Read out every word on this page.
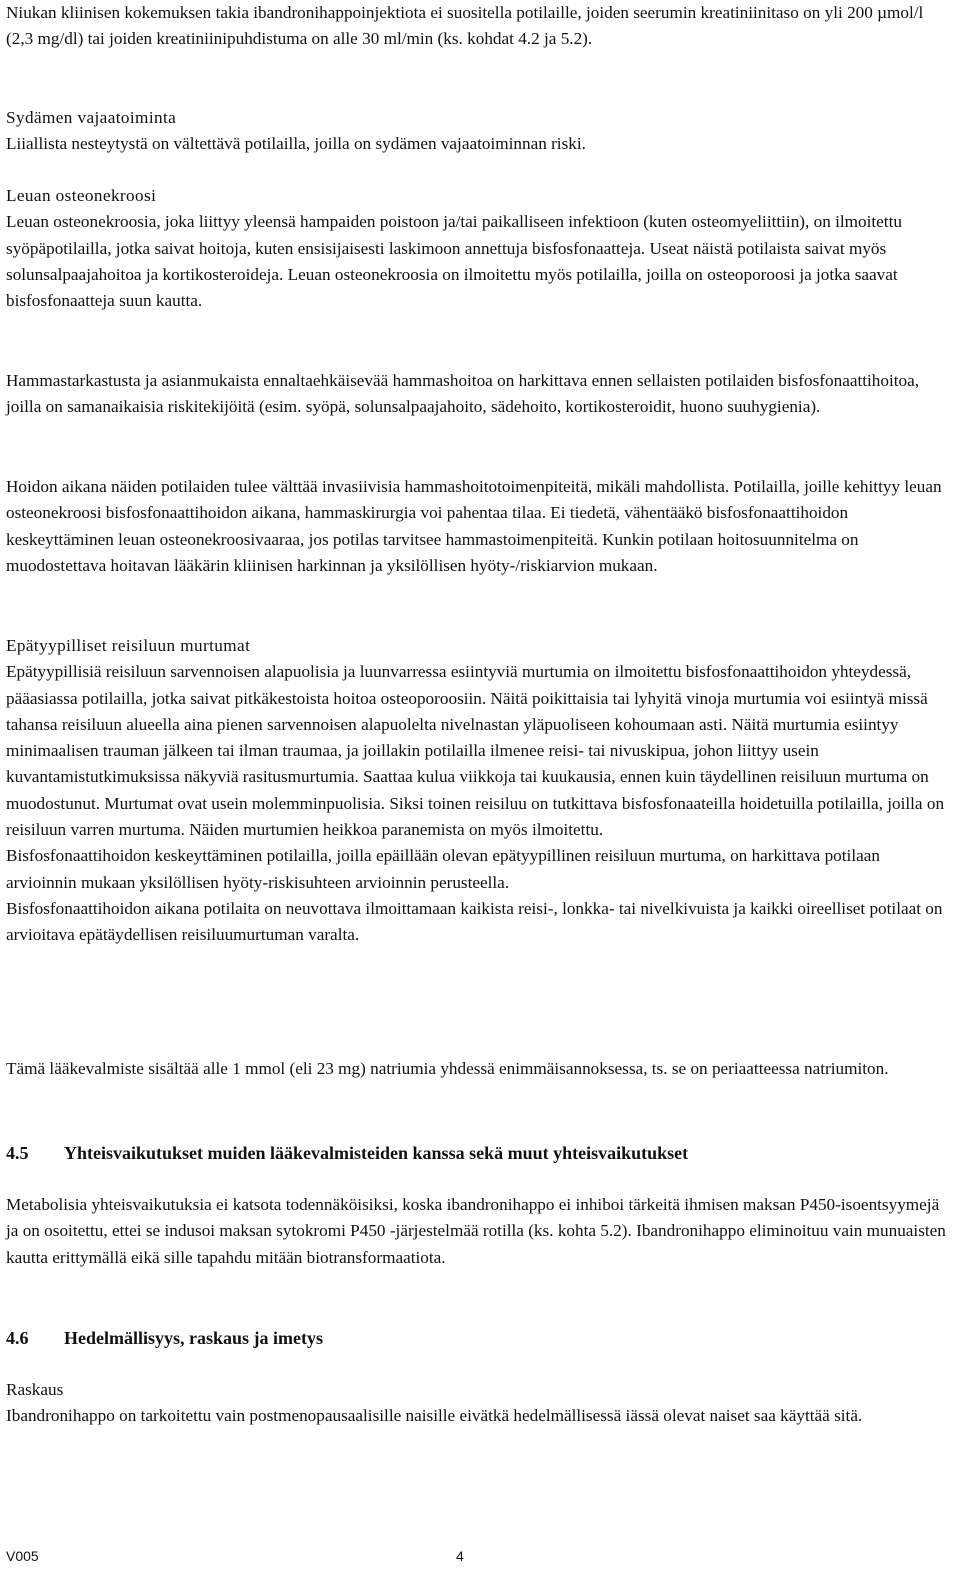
Niukan kliinisen kokemuksen takia ibandronihappoinjektiota ei suositella potilaille, joiden seerumin kreatiniinitaso on yli 200 µmol/l (2,3 mg/dl) tai joiden kreatiniinipuhdistuma on alle 30 ml/min (ks. kohdat 4.2 ja 5.2).

Sydämen vajaatoiminta

Liiallista nesteytystä on vältettävä potilailla, joilla on sydämen vajaatoiminnan riski.

Leuan osteonekroosi

Leuan osteonekroosia, joka liittyy yleensä hampaiden poistoon ja/tai paikalliseen infektioon (kuten osteomyeliittiin), on ilmoitettu syöpäpotilailla, jotka saivat hoitoja, kuten ensisijaisesti laskimoon annettuja bisfosfonaatteja. Useat näistä potilaista saivat myös solunsalpaajahoitoa ja kortikosteroideja. Leuan osteonekroosia on ilmoitettu myös potilailla, joilla on osteoporoosi ja jotka saavat bisfosfonaatteja suun kautta.

Hammastarkastusta ja asianmukaista ennaltaehkäisevää hammashoitoa on harkittava ennen sellaisten potilaiden bisfosfonaattihoitoa, joilla on samanaikaisia riskitekijöitä (esim. syöpä, solunsalpaajahoito, sädehoito, kortikosteroidit, huono suuhygienia).

Hoidon aikana näiden potilaiden tulee välttää invasiivisia hammashoitotoimenpiteitä, mikäli mahdollista. Potilailla, joille kehittyy leuan osteonekroosi bisfosfonaattihoidon aikana, hammaskirurgia voi pahentaa tilaa. Ei tiedetä, vähentääkö bisfosfonaattihoidon keskeyttäminen leuan osteonekroosivaaraa, jos potilas tarvitsee hammastoimenpiteitä. Kunkin potilaan hoitosuunnitelma on muodostettava hoitavan lääkärin kliinisen harkinnan ja yksilöllisen hyöty-/riskiarvion mukaan.

Epätyypilliset reisiluun murtumat

Epätyypillisiä reisiluun sarvennoisen alapuolisia ja luunvarressa esiintyviä murtumia on ilmoitettu bisfosfonaattihoidon yhteydessä, pääasiassa potilailla, jotka saivat pitkäkestoista hoitoa osteoporoosiin. Näitä poikittaisia tai lyhyitä vinoja murtumia voi esiintyä missä tahansa reisiluun alueella aina pienen sarvennoisen alapuolelta nivelnastan yläpuoliseen kohoumaan asti. Näitä murtumia esiintyy minimaalisen trauman jälkeen tai ilman traumaa, ja joillakin potilailla ilmenee reisi- tai nivuskipua, johon liittyy usein kuvantamistutkimuksissa näkyviä rasitusmurtumia. Saattaa kulua viikkoja tai kuukausia, ennen kuin täydellinen reisiluun murtuma on muodostunut. Murtumat ovat usein molemminpuolisia. Siksi toinen reisiluu on tutkittava bisfosfonaateilla hoidetuilla potilailla, joilla on reisiluun varren murtuma. Näiden murtumien heikkoa paranemista on myös ilmoitettu.

Bisfosfonaattihoidon keskeyttäminen potilailla, joilla epäillään olevan epätyypillinen reisiluun murtuma, on harkittava potilaan arvioinnin mukaan yksilöllisen hyöty-riskisuhteen arvioinnin perusteella.

Bisfosfonaattihoidon aikana potilaita on neuvottava ilmoittamaan kaikista reisi-, lonkka- tai nivelkivuista ja kaikki oireelliset potilaat on arvioitava epätäydellisen reisiluumurtuman varalta.

Tämä lääkevalmiste sisältää alle 1 mmol (eli 23 mg) natriumia yhdessä enimmäisannoksessa, ts. se on periaatteessa natriumiton.

4.5	Yhteisvaikutukset muiden lääkevalmisteiden kanssa sekä muut yhteisvaikutukset

Metabolisia yhteisvaikutuksia ei katsota todennäköisiksi, koska ibandronihappo ei inhiboi tärkeitä ihmisen maksan P450-isoentsyymejä ja on osoitettu, ettei se indusoi maksan sytokromi P450 -järjestelmää rotilla (ks. kohta 5.2). Ibandronihappo eliminoituu vain munuaisten kautta erittymällä eikä sille tapahdu mitään biotransformaatiota.

4.6	Hedelmällisyys, raskaus ja imetys

Raskaus

Ibandronihappo on tarkoitettu vain postmenopausaalisille naisille eivätkä hedelmällisessä iässä olevat naiset saa käyttää sitä.

V005	4
